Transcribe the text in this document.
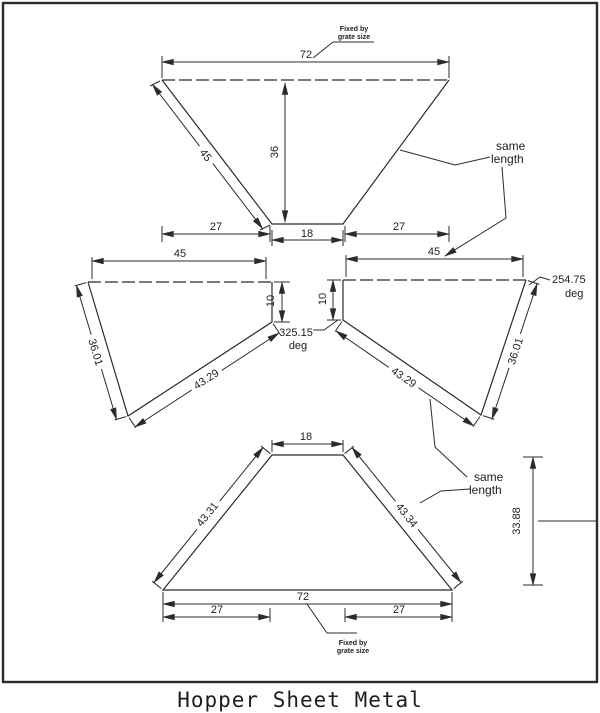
72
45	36
27
18
27
Fixed by
grate size
same
length
45
36.01
43.29
10
45
10
43.29
36.01
325.15
deg
254.75
deg
18
43.31	43.34
72
27	27
33.88
same
length
Fixed by
grate size
Hopper Sheet Metal
